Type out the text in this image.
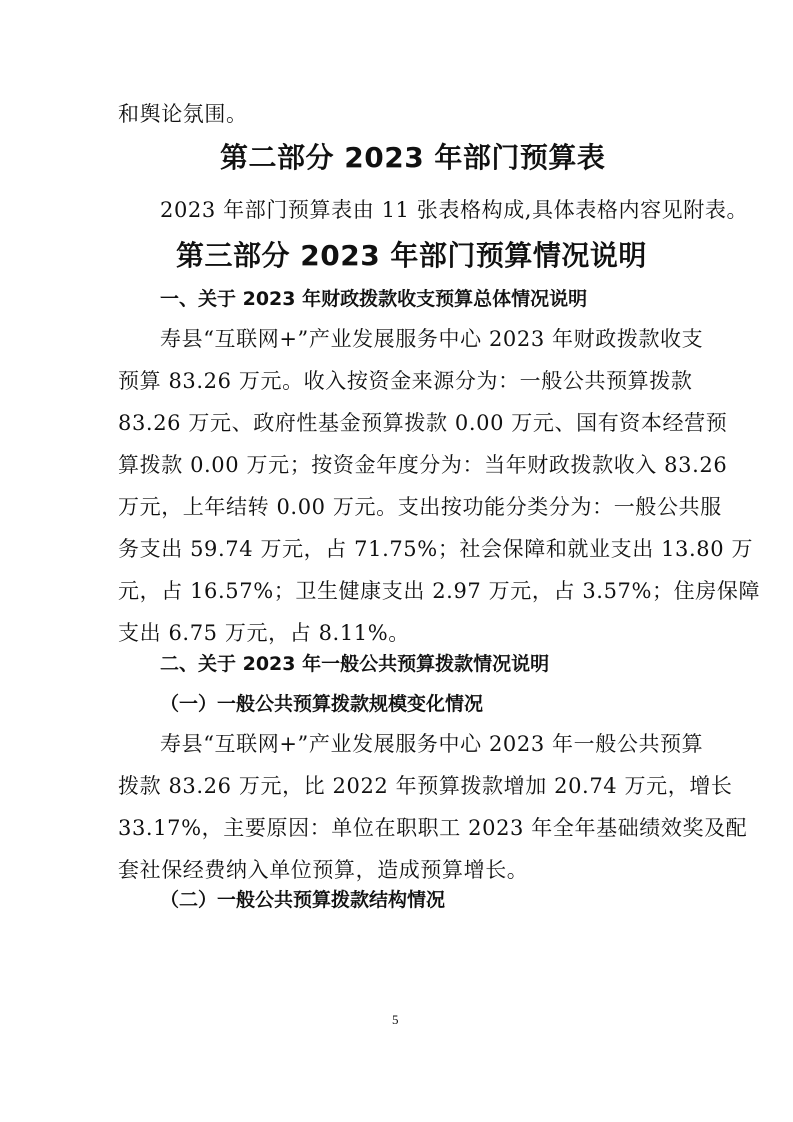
和舆论氛围。
第二部分 2023 年部门预算表
2023 年部门预算表由 11 张表格构成,具体表格内容见附表。
第三部分 2023 年部门预算情况说明
一、关于 2023 年财政拨款收支预算总体情况说明
寿县“互联网+”产业发展服务中心 2023 年财政拨款收支
预算 83.26 万元。收入按资金来源分为：一般公共预算拨款
83.26 万元、政府性基金预算拨款 0.00 万元、国有资本经营预
算拨款 0.00 万元；按资金年度分为：当年财政拨款收入 83.26
万元，上年结转 0.00 万元。支出按功能分类分为：一般公共服
务支出 59.74 万元，占 71.75%；社会保障和就业支出 13.80 万
元，占 16.57%；卫生健康支出 2.97 万元，占 3.57%；住房保障
支出 6.75 万元，占 8.11%。
二、关于 2023 年一般公共预算拨款情况说明
（一）一般公共预算拨款规模变化情况
寿县“互联网+”产业发展服务中心 2023 年一般公共预算
拨款 83.26 万元，比 2022 年预算拨款增加 20.74 万元，增长
33.17%，主要原因：单位在职职工 2023 年全年基础绩效奖及配
套社保经费纳入单位预算，造成预算增长。
（二）一般公共预算拨款结构情况
5
